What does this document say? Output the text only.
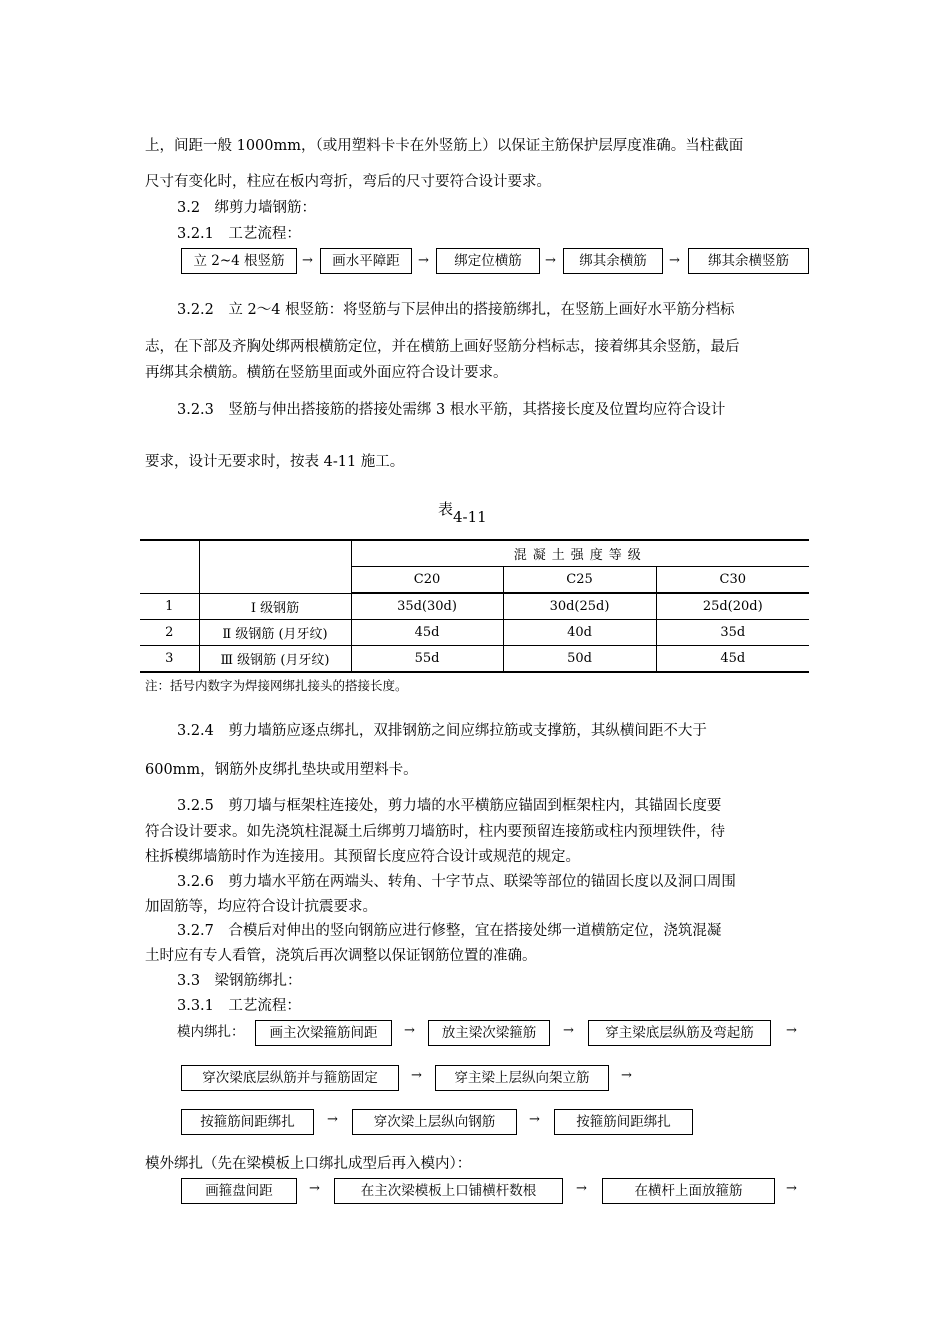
上，间距一般 1000mm，（或用塑料卡卡在外竖筋上）以保证主筋保护层厚度准确。当柱截面
尺寸有变化时，柱应在板内弯折，弯后的尺寸要符合设计要求。
3.2　绑剪力墙钢筋：
3.2.1　工艺流程：
立 2~4 根竖筋	→	画水平障距	→	绑定位横筋	→	绑其余横筋	→	绑其余横竖筋
3.2.2　立 2～4 根竖筋：将竖筋与下层伸出的搭接筋绑扎，在竖筋上画好水平筋分档标
志，在下部及齐胸处绑两根横筋定位，并在横筋上画好竖筋分档标志，接着绑其余竖筋，最后
再绑其余横筋。横筋在竖筋里面或外面应符合设计要求。
3.2.3　竖筋与伸出搭接筋的搭接处需绑 3 根水平筋，其搭接长度及位置均应符合设计
要求，设计无要求时，按表 4-11 施工。
表4-11
		混凝土强度等级		
		C20	C25	C30
1	Ⅰ 级钢筋	35d(30d)	30d(25d)	25d(20d)
2	Ⅱ 级钢筋 (月牙纹)	45d	40d	35d
3	Ⅲ 级钢筋 (月牙纹)	55d	50d	45d
注：括号内数字为焊接网绑扎接头的搭接长度。
3.2.4　剪力墙筋应逐点绑扎，双排钢筋之间应绑拉筋或支撑筋，其纵横间距不大于
600mm，钢筋外皮绑扎垫块或用塑料卡。
3.2.5　剪刀墙与框架柱连接处，剪力墙的水平横筋应锚固到框架柱内，其锚固长度要
符合设计要求。如先浇筑柱混凝土后绑剪刀墙筋时，柱内要预留连接筋或柱内预埋铁件，待
柱拆模绑墙筋时作为连接用。其预留长度应符合设计或规范的规定。
3.2.6　剪力墙水平筋在两端头、转角、十字节点、联梁等部位的锚固长度以及洞口周围
加固筋等，均应符合设计抗震要求。
3.2.7　合模后对伸出的竖向钢筋应进行修整，宜在搭接处绑一道横筋定位，浇筑混凝
土时应有专人看管，浇筑后再次调整以保证钢筋位置的准确。
3.3　梁钢筋绑扎：
3.3.1　工艺流程：
模内绑扎：	画主次梁箍筋间距	→	放主梁次梁箍筋	→	穿主梁底层纵筋及弯起筋	→
穿次梁底层纵筋并与箍筋固定	→	穿主梁上层纵向架立筋	→
按箍筋间距绑扎	→	穿次梁上层纵向钢筋	→	按箍筋间距绑扎
模外绑扎（先在梁模板上口绑扎成型后再入模内）：
画箍盘间距	→	在主次梁模板上口铺横杆数根	→	在横杆上面放箍筋	→
